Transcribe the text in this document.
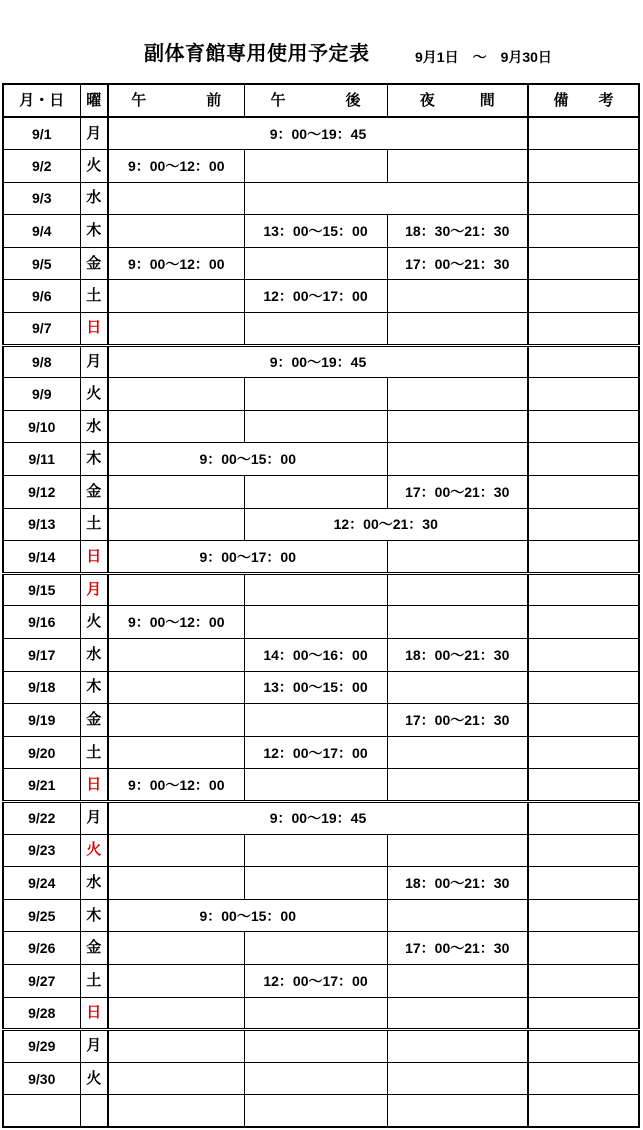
副体育館専用使用予定表	9月1日 ～ 9月30日
月・日	曜	午　　　　前	午　　　　後	夜　　　間	備　　考
9/1	月	9：00～19：45			
9/2	火	9：00～12：00			
9/3	水				
9/4	木		13：00～15：00	18：30～21：30	
9/5	金	9：00～12：00		17：00～21：30	
9/6	土		12：00～17：00		
9/7	日				
9/8	月	9：00～19：45			
9/9	火				
9/10	水				
9/11	木	9：00～15：00			
9/12	金			17：00～21：30	
9/13	土		12：00～21：30		
9/14	日	9：00～17：00			
9/15	月				
9/16	火	9：00～12：00			
9/17	水		14：00～16：00	18：00～21：30	
9/18	木		13：00～15：00		
9/19	金			17：00～21：30	
9/20	土		12：00～17：00		
9/21	日	9：00～12：00			
9/22	月	9：00～19：45			
9/23	火				
9/24	水			18：00～21：30	
9/25	木	9：00～15：00			
9/26	金			17：00～21：30	
9/27	土		12：00～17：00		
9/28	日				
9/29	月				
9/30	火				
